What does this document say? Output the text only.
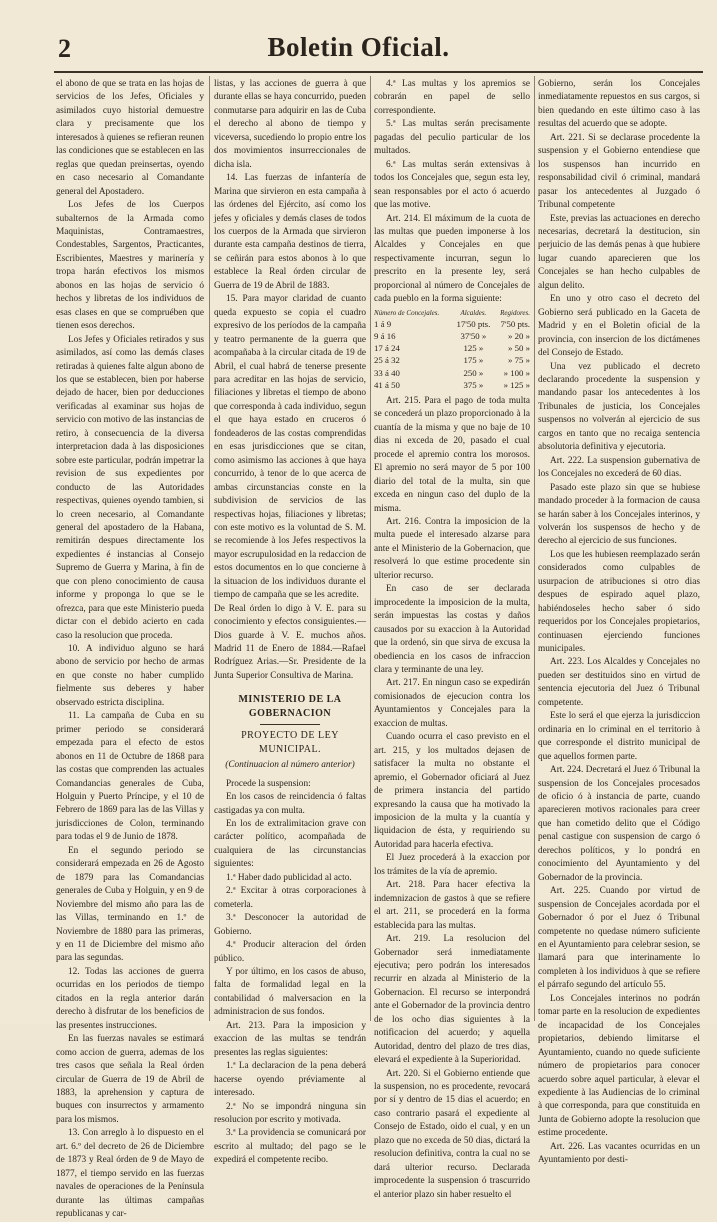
2	Boletin Oficial.

el abono de que se trata en las hojas de servicios de los Jefes, Oficiales y asimilados cuyo historial demuestre clara y precisamente que los interesados à quienes se refieran reunen las condiciones que se establecen en las reglas que quedan preinsertas, oyendo en caso necesario al Comandante general del Apostadero.

Los Jefes de los Cuerpos subalternos de la Armada como Maquinistas, Contramaestres, Condestables, Sargentos, Practicantes, Escribientes, Maestres y marinería y tropa harán efectivos los mismos abonos en las hojas de servicio ó hechos y libretas de los individuos de esas clases en que se compruében que tienen esos derechos.

Los Jefes y Oficiales retirados y sus asimilados, así como las demás clases retiradas à quienes falte algun abono de los que se establecen, bien por haberse dejado de hacer, bien por deducciones verificadas al examinar sus hojas de servicio con motivo de las instancias de retiro, à consecuencia de la diversa interpretacion dada à las disposiciones sobre este particular, podrán impetrar la revision de sus expedientes por conducto de las Autoridades respectivas, quienes oyendo tambien, si lo creen necesario, al Comandante general del apostadero de la Habana, remitirán despues directamente los expedientes é instancias al Consejo Supremo de Guerra y Marina, à fin de que con pleno conocimiento de causa informe y proponga lo que se le ofrezca, para que este Ministerio pueda dictar con el debido acierto en cada caso la resolucion que proceda.

10. A individuo alguno se hará abono de servicio por hecho de armas en que conste no haber cumplido fielmente sus deberes y haber observado estricta disciplina.

11. La campaña de Cuba en su primer periodo se considerará empezada para el efecto de estos abonos en 11 de Octubre de 1868 para las costas que comprenden las actuales Comandancias generales de Cuba, Holguin y Puerto Príncipe, y el 10 de Febrero de 1869 para las de las Villas y jurisdicciones de Colon, terminando para todas el 9 de Junio de 1878.

En el segundo periodo se considerará empezada en 26 de Agosto de 1879 para las Comandancias generales de Cuba y Holguin, y en 9 de Noviembre del mismo año para las de las Villas, terminando en 1.º de Noviembre de 1880 para las primeras, y en 11 de Diciembre del mismo año para las segundas.

12. Todas las acciones de guerra ocurridas en los periodos de tiempo citados en la regla anterior darán derecho à disfrutar de los beneficios de las presentes instrucciones.

En las fuerzas navales se estimará como accion de guerra, ademas de los tres casos que señala la Real órden circular de Guerra de 19 de Abril de 1883, la aprehension y captura de buques con insurrectos y armamento para los mismos.

13. Con arreglo à lo dispuesto en el art. 6.º del decreto de 26 de Diciembre de 1873 y Real órden de 9 de Mayo de 1877, el tiempo servido en las fuerzas navales de operaciones de la Península durante las últimas campañas republicanas y car-

listas, y las acciones de guerra à que durante ellas se haya concurrido, pueden conmutarse para adquirir en las de Cuba el derecho al abono de tiempo y viceversa, sucediendo lo propio entre los dos movimientos insurreccionales de dicha isla.

14. Las fuerzas de infantería de Marina que sirvieron en esta campaña à las órdenes del Ejército, así como los jefes y oficiales y demás clases de todos los cuerpos de la Armada que sirvieron durante esta campaña destinos de tierra, se ceñirán para estos abonos à lo que establece la Real órden circular de Guerra de 19 de Abril de 1883.

15. Para mayor claridad de cuanto queda expuesto se copia el cuadro expresivo de los períodos de la campaña y teatro permanente de la guerra que acompañaba à la circular citada de 19 de Abril, el cual habrá de tenerse presente para acreditar en las hojas de servicio, filiaciones y libretas el tiempo de abono que corresponda à cada individuo, segun el que haya estado en cruceros ó fondeaderos de las costas comprendidas en esas jurisdicciones que se citan, como asimismo las acciones à que haya concurrido, à tenor de lo que acerca de ambas circunstancias conste en la subdivision de servicios de las respectivas hojas, filiaciones y libretas; con este motivo es la voluntad de S. M. se recomiende à los Jefes respectivos la mayor escrupulosidad en la redaccion de estos documentos en lo que concierne à la situacion de los individuos durante el tiempo de campaña que se les acredite.

De Real órden lo digo à V. E. para su conocimiento y efectos consiguientes.—Dios guarde à V. E. muchos años. Madrid 11 de Enero de 1884.—Rafael Rodríguez Arias.—Sr. Presidente de la Junta Superior Consultiva de Marina.

MINISTERIO DE LA GOBERNACION

PROYECTO DE LEY MUNICIPAL.

(Continuacion al número anterior)

Procede la suspension:

En los casos de reincidencia ó faltas castigadas ya con multa.

En los de extralimitacion grave con carácter político, acompañada de cualquiera de las circunstancias siguientes:

1.ª Haber dado publicidad al acto.

2.ª Excitar à otras corporaciones à cometerla.

3.ª Desconocer la autoridad de Gobierno.

4.ª Producir alteracion del órden público.

Y por último, en los casos de abuso, falta de formalidad legal en la contabilidad ó malversacion en la administracion de sus fondos.

Art. 213. Para la imposicion y exaccion de las multas se tendrán presentes las reglas siguientes:

1.ª La declaracion de la pena deberá hacerse oyendo préviamente al interesado.

2.ª No se impondrá ninguna sin resolucion por escrito y motivada.

3.ª La providencia se comunicará por escrito al multado; del pago se le expedirá el competente recibo.

4.ª Las multas y los apremios se cobrarán en papel de sello correspondiente.

5.ª Las multas serán precisamente pagadas del peculio particular de los multados.

6.ª Las multas serán extensivas à todos los Concejales que, segun esta ley, sean responsables por el acto ó acuerdo que las motive.

Art. 214. El máximum de la cuota de las multas que pueden imponerse à los Alcaldes y Concejales en que respectivamente incurran, segun lo prescrito en la presente ley, será proporcional al número de Concejales de cada pueblo en la forma siguiente:

Número de Concejales.	Alcaldes.	Regidores.
1 á 9	17'50 pts.	7'50 pts.
9 á 16	37'50 »	» 20 »
17 á 24	125 »	» 50 »
25 á 32	175 »	» 75 »
33 á 40	250 »	» 100 »
41 á 50	375 »	» 125 »

Art. 215. Para el pago de toda multa se concederá un plazo proporcionado à la cuantía de la misma y que no baje de 10 dias ni exceda de 20, pasado el cual procede el apremio contra los morosos. El apremio no será mayor de 5 por 100 diario del total de la multa, sin que exceda en ningun caso del duplo de la misma.

Art. 216. Contra la imposicion de la multa puede el interesado alzarse para ante el Ministerio de la Gobernacion, que resolverá lo que estime procedente sin ulterior recurso.

En caso de ser declarada improcedente la imposicion de la multa, serán impuestas las costas y daños causados por su exaccion à la Autoridad que la ordenó, sin que sirva de excusa la obediencia en los casos de infraccion clara y terminante de una ley.

Art. 217. En ningun caso se expedirán comisionados de ejecucion contra los Ayuntamientos y Concejales para la exaccion de multas.

Cuando ocurra el caso previsto en el art. 215, y los multados dejasen de satisfacer la multa no obstante el apremio, el Gobernador oficiará al Juez de primera instancia del partido expresando la causa que ha motivado la imposicion de la multa y la cuantía y liquidacion de ésta, y requiriendo su Autoridad para hacerla efectiva.

El Juez procederá à la exaccion por los trámites de la vía de apremio.

Art. 218. Para hacer efectiva la indemnizacion de gastos à que se refiere el art. 211, se procederá en la forma establecida para las multas.

Art. 219. La resolucion del Gobernador será inmediatamente ejecutiva; pero podrán los interesados recurrir en alzada al Ministerio de la Gobernacion. El recurso se interpondrá ante el Gobernador de la provincia dentro de los ocho dias siguientes à la notificacion del acuerdo; y aquella Autoridad, dentro del plazo de tres dias, elevará el expediente à la Superioridad.

Art. 220. Si el Gobierno entiende que la suspension, no es procedente, revocará por sí y dentro de 15 dias el acuerdo; en caso contrario pasará el expediente al Consejo de Estado, oido el cual, y en un plazo que no exceda de 50 dias, dictará la resolucion definitiva, contra la cual no se dará ulterior recurso. Declarada improcedente la suspension ó trascurrido el anterior plazo sin haber resuelto el

Gobierno, serán los Concejales inmediatamente repuestos en sus cargos, si bien quedando en este último caso à las resultas del acuerdo que se adopte.

Art. 221. Si se declarase procedente la suspension y el Gobierno entendiese que los suspensos han incurrido en responsabilidad civil ó criminal, mandará pasar los antecedentes al Juzgado ó Tribunal competente

Este, previas las actuaciones en derecho necesarias, decretará la destitucion, sin perjuicio de las demás penas à que hubiere lugar cuando aparecieren que los Concejales se han hecho culpables de algun delito.

En uno y otro caso el decreto del Gobierno será publicado en la Gaceta de Madrid y en el Boletin oficial de la provincia, con insercion de los dictámenes del Consejo de Estado.

Una vez publicado el decreto declarando procedente la suspension y mandando pasar los antecedentes à los Tribunales de justicia, los Concejales suspensos no volverán al ejercicio de sus cargos en tanto que no recaiga sentencia absolutoria definitiva y ejecutoria.

Art. 222. La suspension gubernativa de los Concejales no excederá de 60 dias.

Pasado este plazo sin que se hubiese mandado proceder à la formacion de causa se harán saber à los Concejales interinos, y volverán los suspensos de hecho y de derecho al ejercicio de sus funciones.

Los que les hubiesen reemplazado serán considerados como culpables de usurpacion de atribuciones si otro dias despues de espirado aquel plazo, habiéndoseles hecho saber ó sido requeridos por los Concejales propietarios, continuasen ejerciendo funciones municipales.

Art. 223. Los Alcaldes y Concejales no pueden ser destituidos sino en virtud de sentencia ejecutoria del Juez ó Tribunal competente.

Este lo será el que ejerza la jurisdiccion ordinaria en lo criminal en el territorio à que corresponde el distrito municipal de que aquellos formen parte.

Art. 224. Decretará el Juez ó Tribunal la suspension de los Concejales procesados de oficio ó à instancia de parte, cuando aparecieren motivos racionales para creer que han cometido delito que el Código penal castigue con suspension de cargo ó derechos políticos, y lo pondrá en conocimiento del Ayuntamiento y del Gobernador de la provincia.

Art. 225. Cuando por virtud de suspension de Concejales acordada por el Gobernador ó por el Juez ó Tribunal competente no quedase número suficiente en el Ayuntamiento para celebrar sesion, se llamará para que interinamente lo completen à los individuos à que se refiere el párrafo segundo del artículo 55.

Los Concejales interinos no podrán tomar parte en la resolucion de expedientes de incapacidad de los Concejales propietarios, debiendo limitarse el Ayuntamiento, cuando no quede suficiente número de propietarios para conocer acuerdo sobre aquel particular, à elevar el expediente à las Audiencias de lo criminal à que corresponda, para que constituida en Junta de Gobierno adopte la resolucion que estime procedente.

Art. 226. Las vacantes ocurridas en un Ayuntamiento por desti-
